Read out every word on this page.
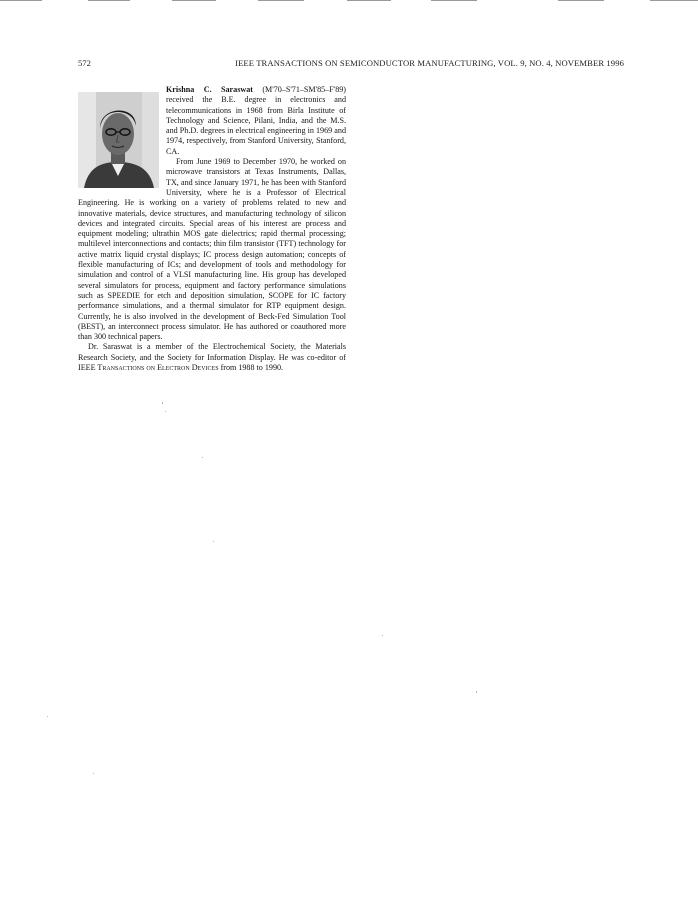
572	IEEE TRANSACTIONS ON SEMICONDUCTOR MANUFACTURING, VOL. 9, NO. 4, NOVEMBER 1996

Krishna C. Saraswat (M'70–S'71–SM'85–F'89) received the B.E. degree in electronics and telecommunications in 1968 from Birla Institute of Technology and Science, Pilani, India, and the M.S. and Ph.D. degrees in electrical engineering in 1969 and 1974, respectively, from Stanford University, Stanford, CA.

From June 1969 to December 1970, he worked on microwave transistors at Texas Instruments, Dallas, TX, and since January 1971, he has been with Stanford University, where he is a Professor of Electrical Engineering. He is working on a variety of problems related to new and innovative materials, device structures, and manufacturing technology of silicon devices and integrated circuits. Special areas of his interest are process and equipment modeling; ultrathin MOS gate dielectrics; rapid thermal processing; multilevel interconnections and contacts; thin film transistor (TFT) technology for active matrix liquid crystal displays; IC process design automation; concepts of flexible manufacturing of ICs; and development of tools and methodology for simulation and control of a VLSI manufacturing line. His group has developed several simulators for process, equipment and factory performance simulations such as SPEEDIE for etch and deposition simulation, SCOPE for IC factory performance simulations, and a thermal simulator for RTP equipment design. Currently, he is also involved in the development of Beck-Fed Simulation Tool (BEST), an interconnect process simulator. He has authored or coauthored more than 300 technical papers.

Dr. Saraswat is a member of the Electrochemical Society, the Materials Research Society, and the Society for Information Display. He was co-editor of IEEE Transactions on Electron Devices from 1988 to 1990.
